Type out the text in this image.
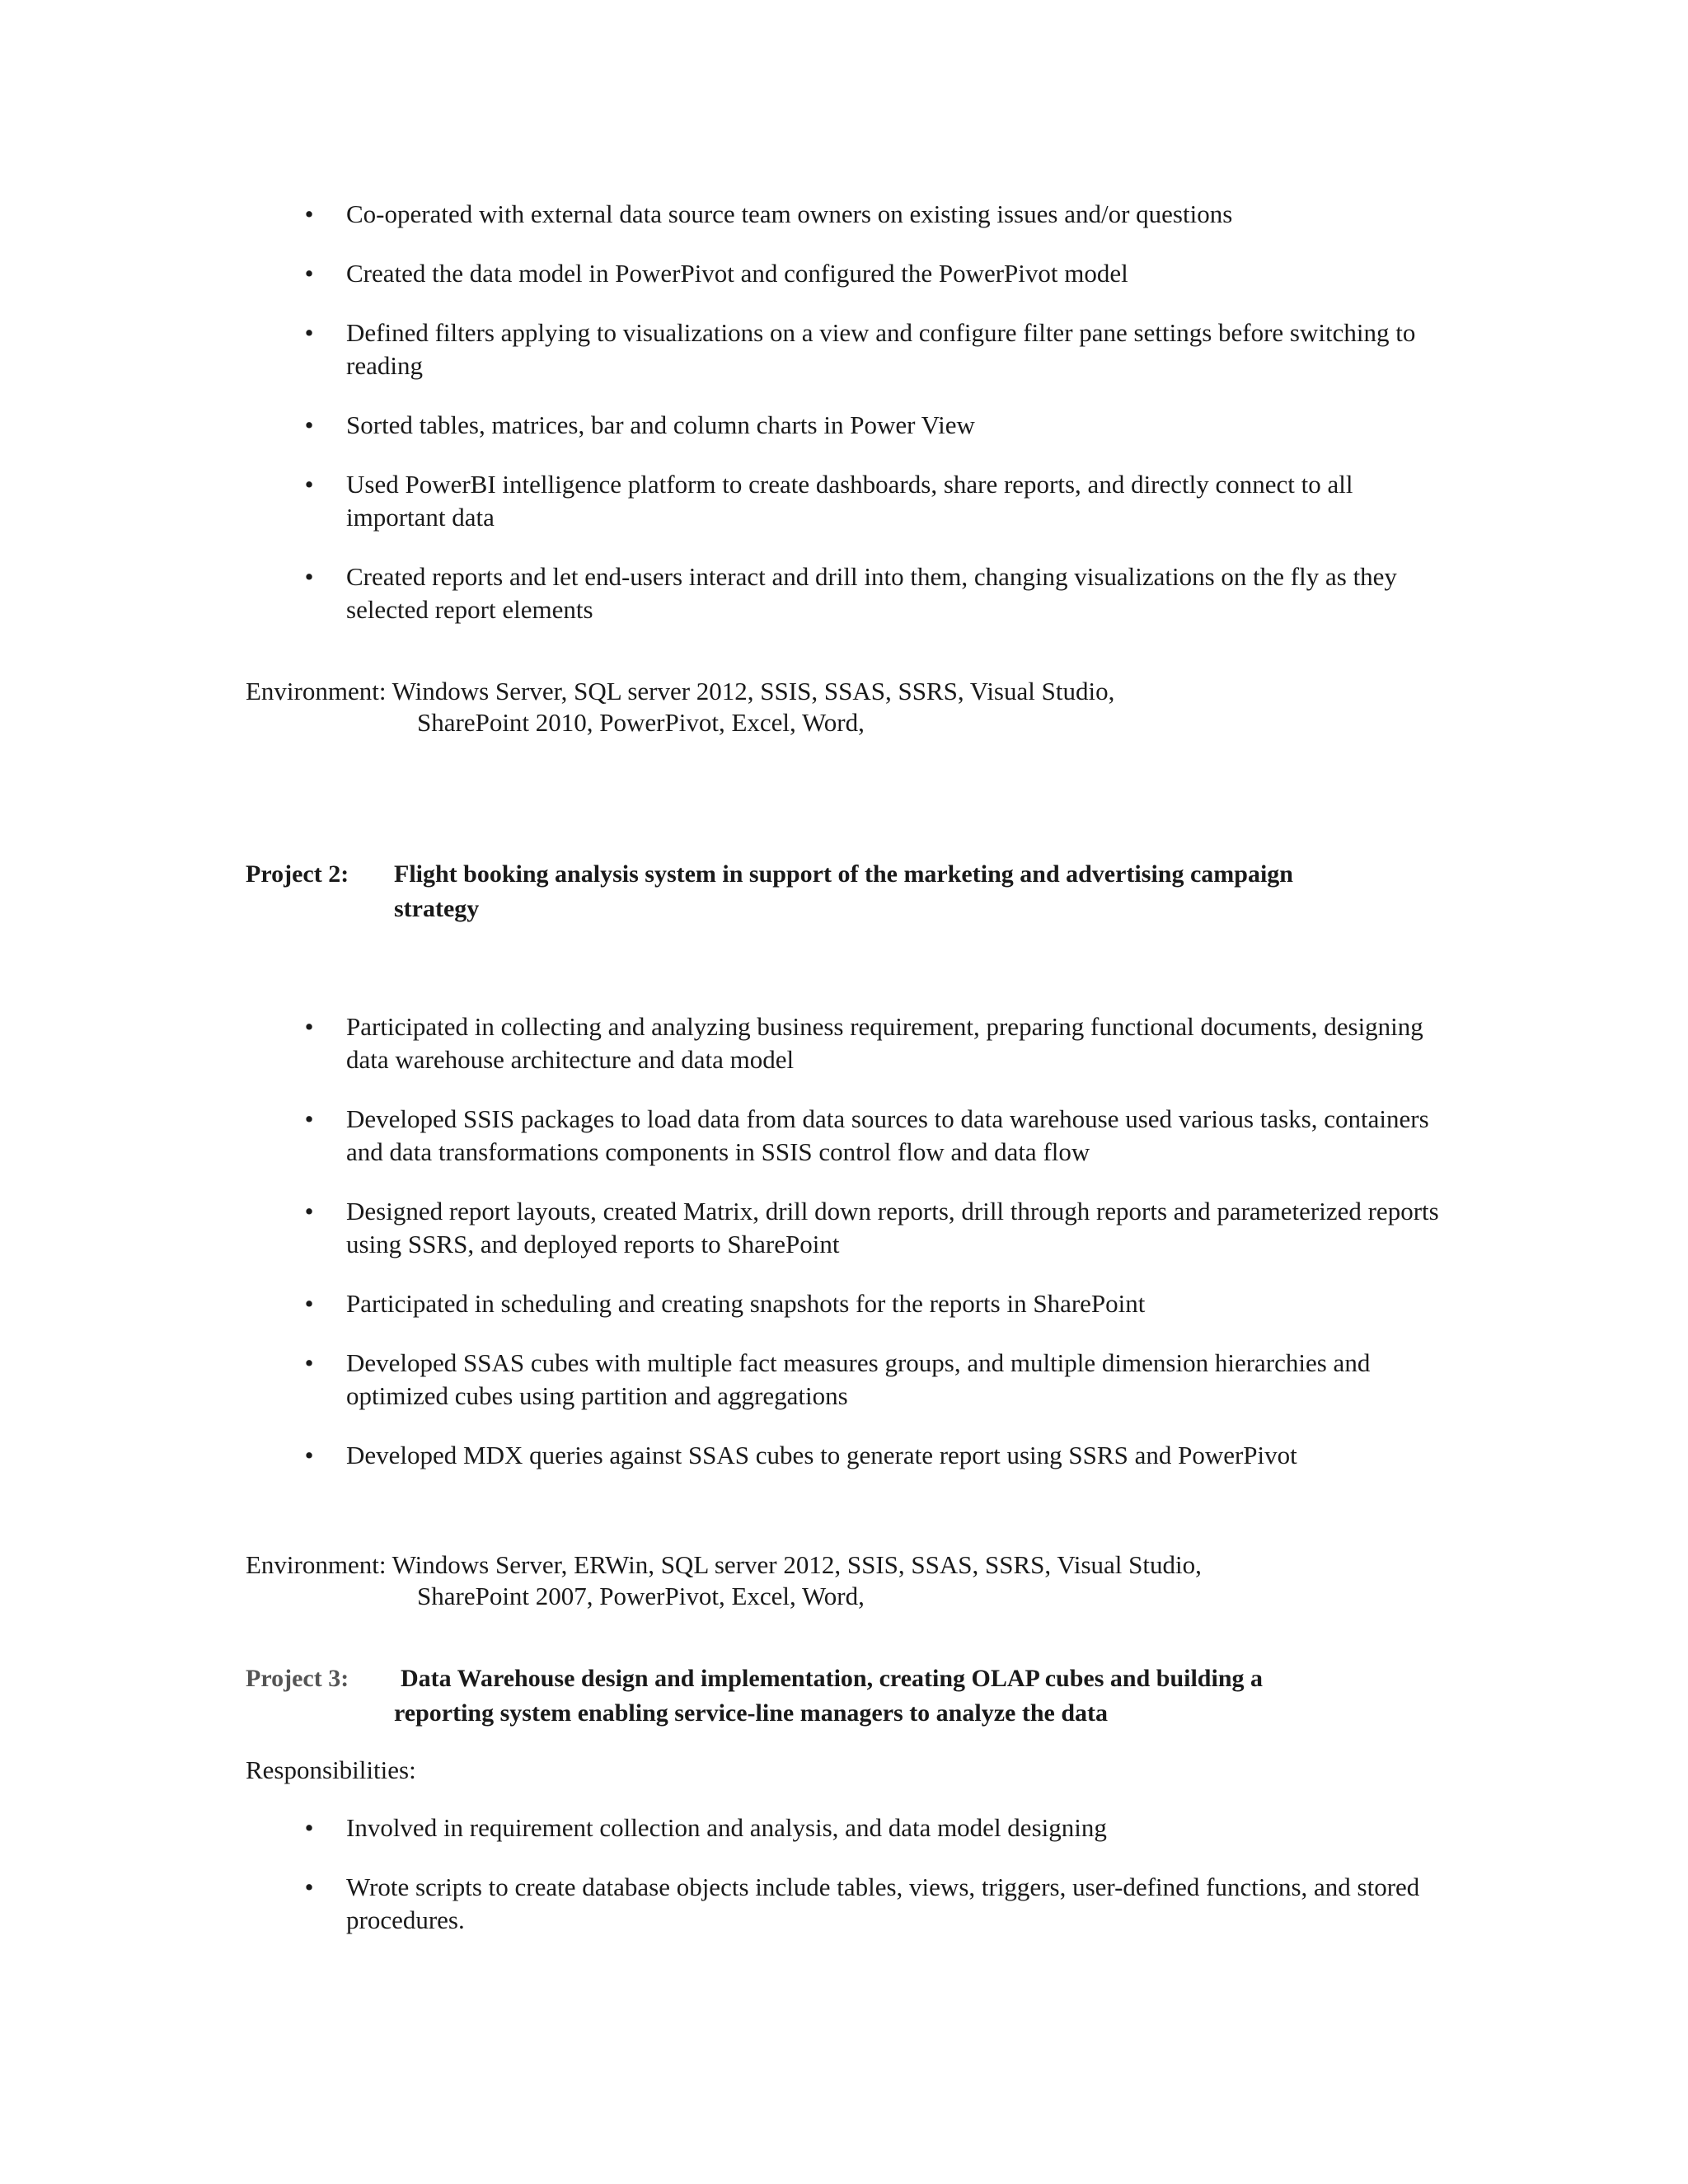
•	Co-operated with external data source team owners on existing issues and/or questions
•	Created the data model in PowerPivot and configured the PowerPivot model
•	Defined filters applying to visualizations on a view and configure filter pane settings before switching to reading
•	Sorted tables, matrices, bar and column charts in Power View
•	Used PowerBI intelligence platform to create dashboards, share reports, and directly connect to all important data
•	Created reports and let end-users interact and drill into them, changing visualizations on the fly as they selected report elements
Environment: Windows Server, SQL server 2012, SSIS, SSAS, SSRS, Visual Studio,
SharePoint 2010, PowerPivot, Excel, Word,
Project 2: Flight booking analysis system in support of the marketing and advertising campaign
strategy
•	Participated in collecting and analyzing business requirement, preparing functional documents, designing data warehouse architecture and data model
•	Developed SSIS packages to load data from data sources to data warehouse used various tasks, containers and data transformations components in SSIS control flow and data flow
•	Designed report layouts, created Matrix, drill down reports, drill through reports and parameterized reports using SSRS, and deployed reports to SharePoint
•	Participated in scheduling and creating snapshots for the reports in SharePoint
•	Developed SSAS cubes with multiple fact measures groups, and multiple dimension hierarchies and optimized cubes using partition and aggregations
•	Developed MDX queries against SSAS cubes to generate report using SSRS and PowerPivot
Environment: Windows Server, ERWin, SQL server 2012, SSIS, SSAS, SSRS, Visual Studio,
SharePoint 2007, PowerPivot, Excel, Word,
Project 3: Data Warehouse design and implementation, creating OLAP cubes and building a
reporting system enabling service-line managers to analyze the data
Responsibilities:
•	Involved in requirement collection and analysis, and data model designing
•	Wrote scripts to create database objects include tables, views, triggers, user-defined functions, and stored procedures.
